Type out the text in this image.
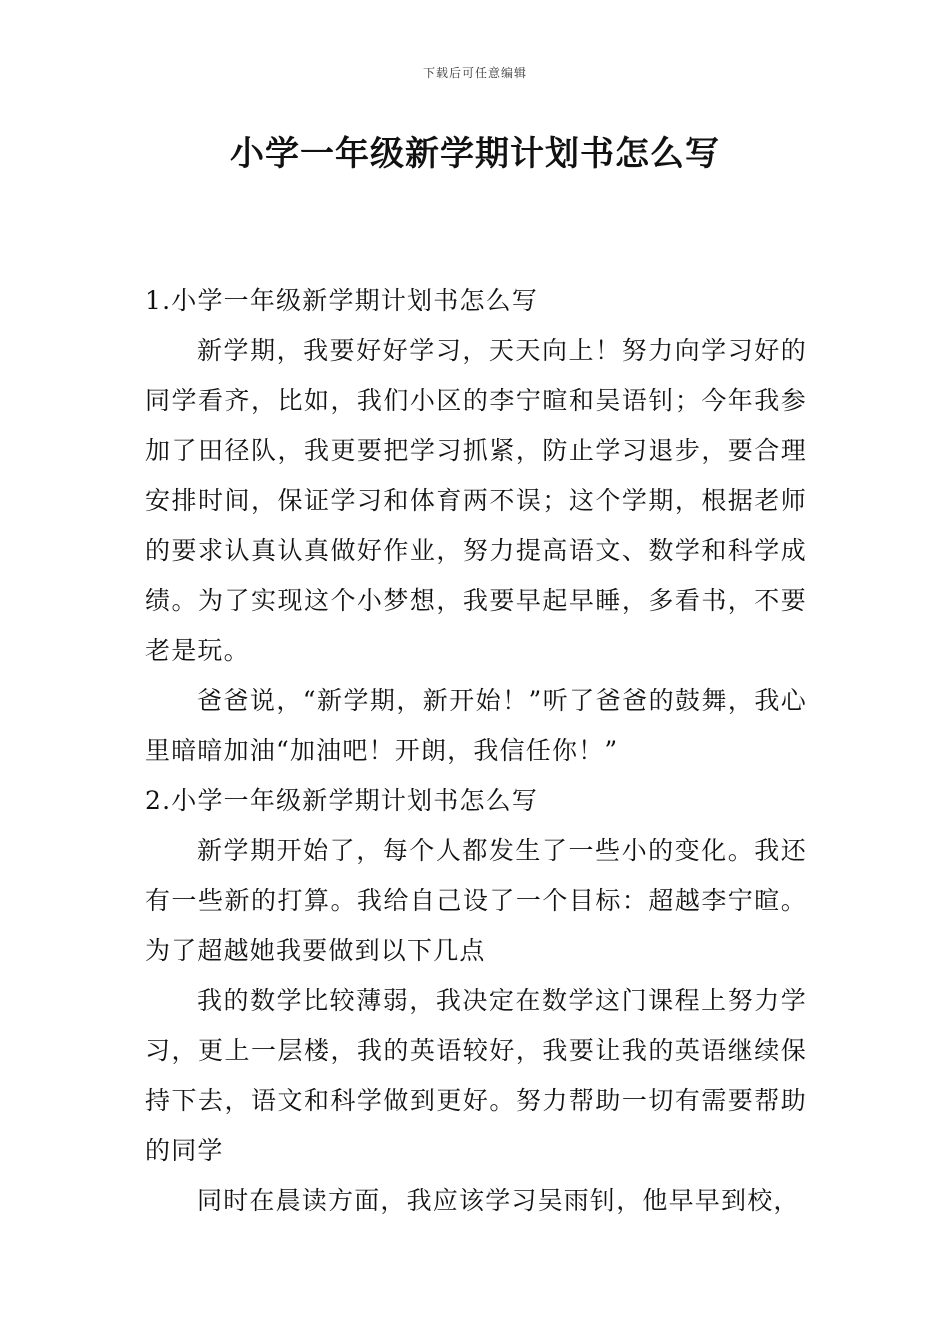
下载后可任意编辑
小学一年级新学期计划书怎么写

1.小学一年级新学期计划书怎么写

新学期，我要好好学习，天天向上！努力向学习好的同学看齐，比如，我们小区的李宁暄和吴语钊；今年我参加了田径队，我更要把学习抓紧，防止学习退步，要合理安排时间，保证学习和体育两不误；这个学期，根据老师的要求认真认真做好作业，努力提高语文、数学和科学成绩。为了实现这个小梦想，我要早起早睡，多看书，不要老是玩。

爸爸说，“新学期，新开始！”听了爸爸的鼓舞，我心里暗暗加油“加油吧！开朗，我信任你！”

2.小学一年级新学期计划书怎么写

新学期开始了，每个人都发生了一些小的变化。我还有一些新的打算。我给自己设了一个目标：超越李宁暄。为了超越她我要做到以下几点

我的数学比较薄弱，我决定在数学这门课程上努力学习，更上一层楼，我的英语较好，我要让我的英语继续保持下去，语文和科学做到更好。努力帮助一切有需要帮助的同学

同时在晨读方面，我应该学习吴雨钊，他早早到校，
